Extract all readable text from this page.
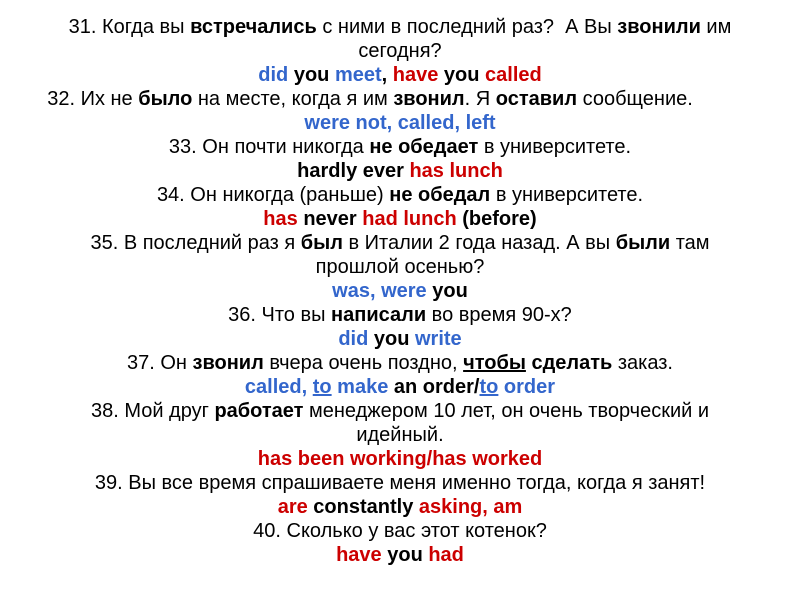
31. Когда вы встречались с ними в последний раз?  А Вы звонили им
сегодня?
did you meet , have you called
32. Их не было на месте, когда я им звонил . Я оставил сообщение.
were not, called, left
33. Он почти никогда не обедает в университете.
hardly ever has lunch
34. Он никогда (раньше) не обедал в университете.
has never had lunch (before)
35. В последний раз я был в Италии 2 года назад. А вы были там
прошлой осенью?
was, were you
36. Что вы написали во время 90-х?
did you write
37. Он звонил вчера очень поздно, чтобы сделать заказ.
called, to make an order/ to order
38. Мой друг работает менеджером 10 лет, он очень творческий и
идейный.
has been working/has worked
39. Вы все время спрашиваете меня именно тогда, когда я занят!
are constantly asking, am
40. Сколько у вас этот котенок?
have you had
